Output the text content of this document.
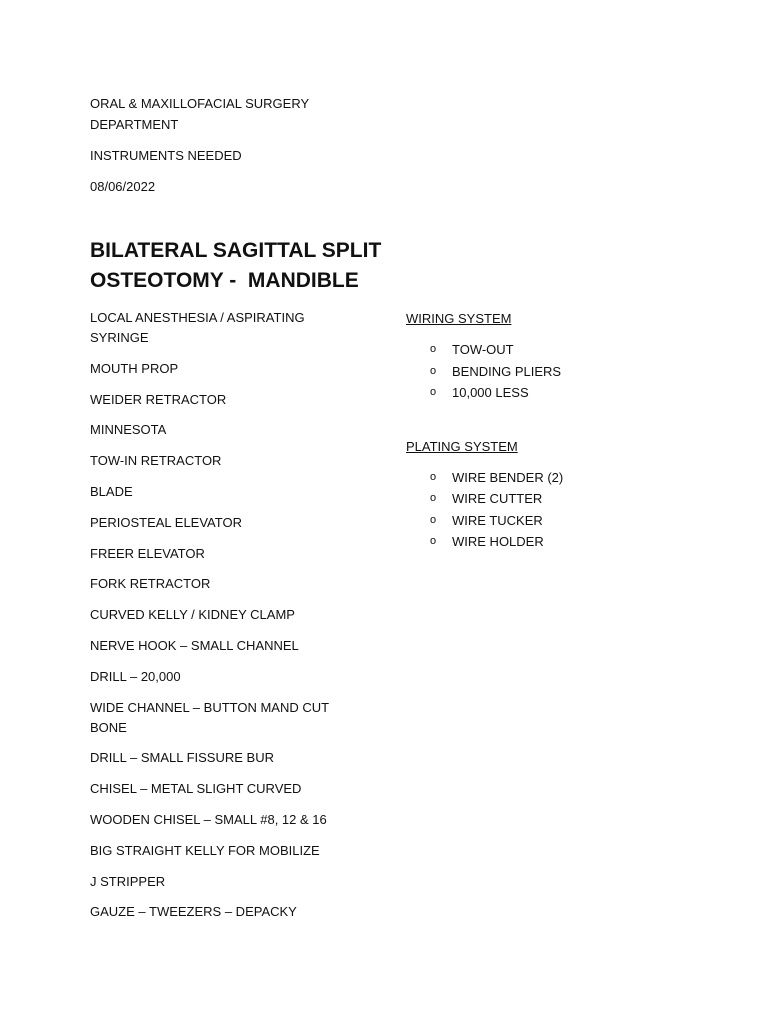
ORAL & MAXILLOFACIAL SURGERY
DEPARTMENT

INSTRUMENTS NEEDED

08/06/2022

BILATERAL SAGITTAL SPLIT
OSTEOTOMY -  MANDIBLE
LOCAL ANESTHESIA / ASPIRATING SYRINGE
MOUTH PROP
WEIDER RETRACTOR
MINNESOTA
TOW-IN RETRACTOR
BLADE
PERIOSTEAL ELEVATOR
FREER ELEVATOR
FORK RETRACTOR
CURVED KELLY / KIDNEY CLAMP
NERVE HOOK – SMALL CHANNEL
DRILL – 20,000
WIDE CHANNEL – BUTTON MAND CUT BONE
DRILL – SMALL FISSURE BUR
CHISEL – METAL SLIGHT CURVED
WOODEN CHISEL – SMALL #8, 12 & 16
BIG STRAIGHT KELLY FOR MOBILIZE
J STRIPPER
GAUZE – TWEEZERS – DEPACKY

WIRING SYSTEM

o TOW-OUT
o BENDING PLIERS
o 10,000 LESS

PLATING SYSTEM

o WIRE BENDER (2)
o WIRE CUTTER
o WIRE TUCKER
o WIRE HOLDER
